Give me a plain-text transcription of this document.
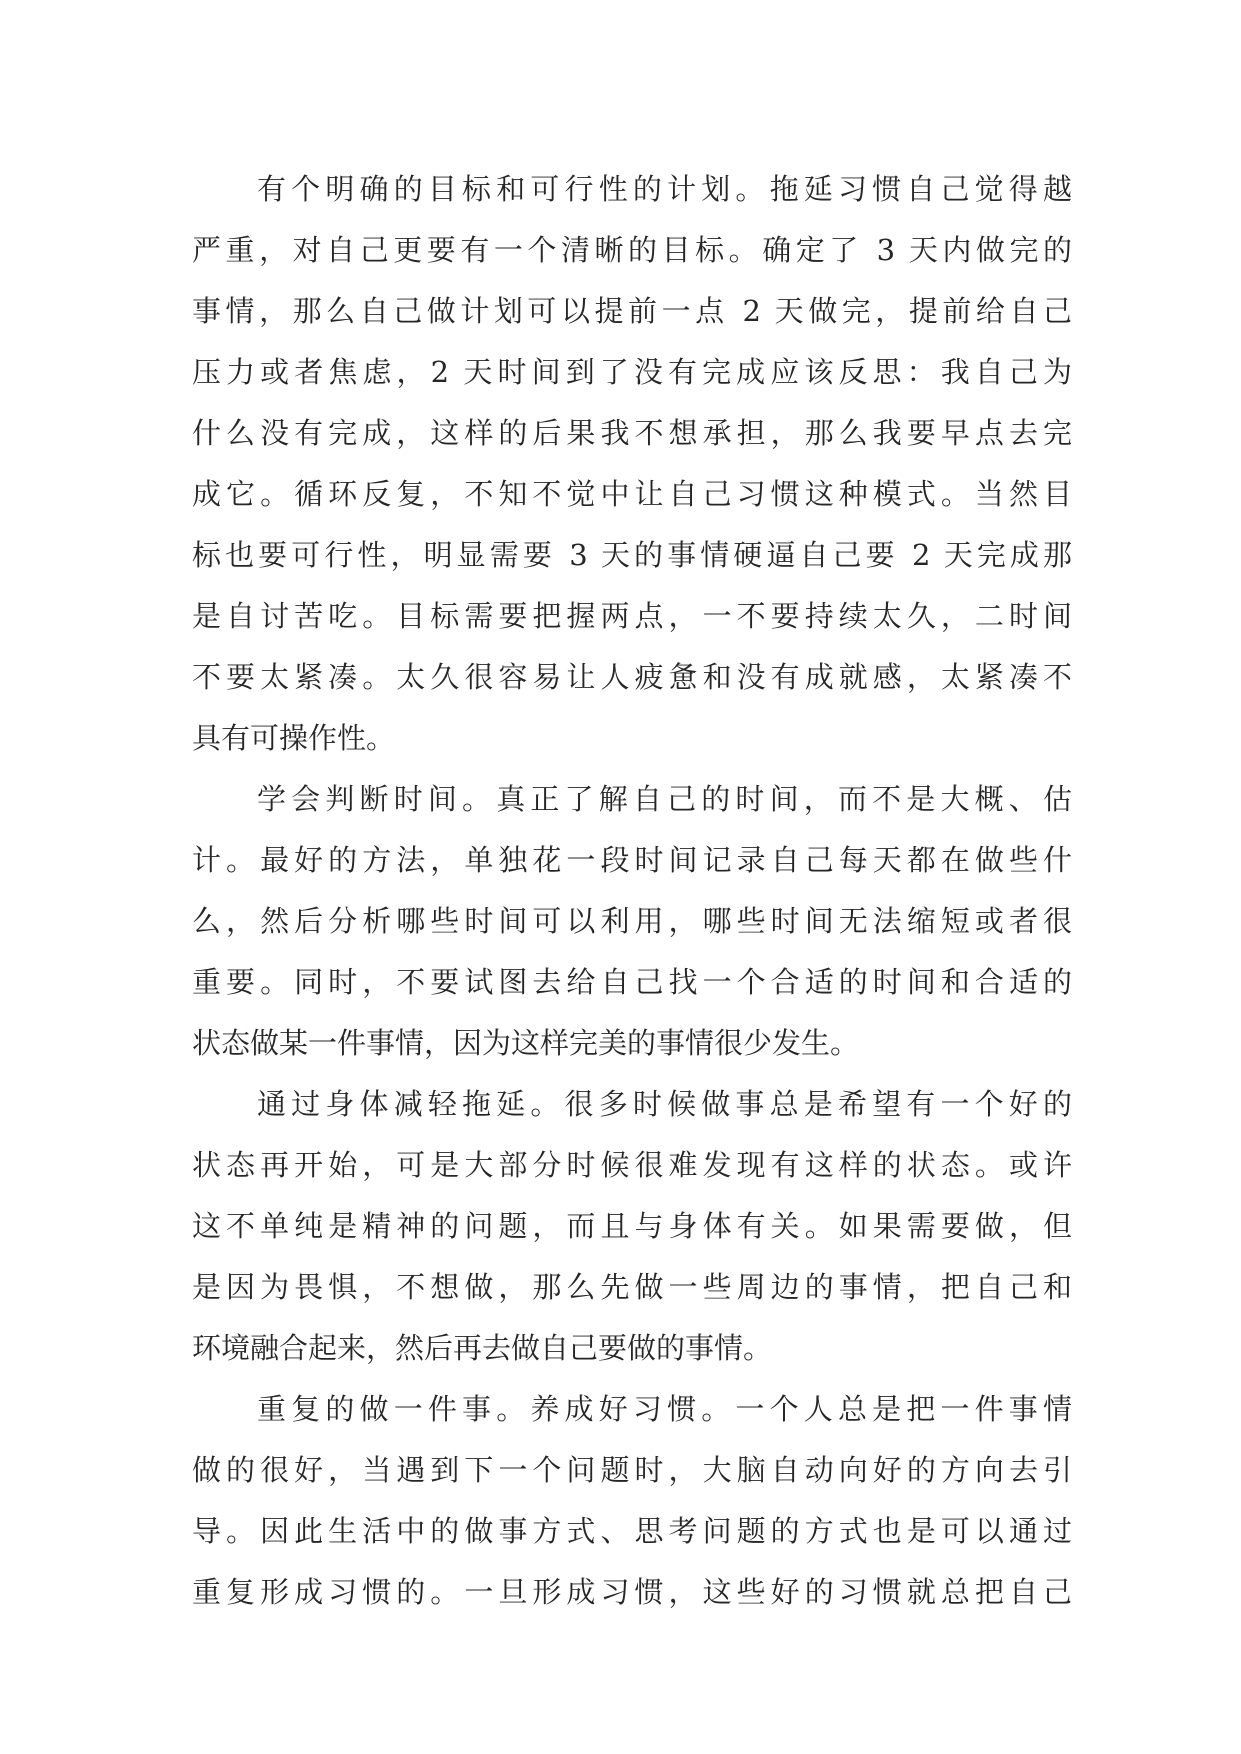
有个明确的目标和可行性的计划。拖延习惯自己觉得越
严重，对自己更要有一个清晰的目标。确定了 3 天内做完的
事情，那么自己做计划可以提前一点 2 天做完，提前给自己
压力或者焦虑，2 天时间到了没有完成应该反思：我自己为
什么没有完成，这样的后果我不想承担，那么我要早点去完
成它。循环反复，不知不觉中让自己习惯这种模式。当然目
标也要可行性，明显需要 3 天的事情硬逼自己要 2 天完成那
是自讨苦吃。目标需要把握两点，一不要持续太久，二时间
不要太紧凑。太久很容易让人疲惫和没有成就感，太紧凑不
具有可操作性。
学会判断时间。真正了解自己的时间，而不是大概、估
计。最好的方法，单独花一段时间记录自己每天都在做些什
么，然后分析哪些时间可以利用，哪些时间无法缩短或者很
重要。同时，不要试图去给自己找一个合适的时间和合适的
状态做某一件事情，因为这样完美的事情很少发生。
通过身体减轻拖延。很多时候做事总是希望有一个好的
状态再开始，可是大部分时候很难发现有这样的状态。或许
这不单纯是精神的问题，而且与身体有关。如果需要做，但
是因为畏惧，不想做，那么先做一些周边的事情，把自己和
环境融合起来，然后再去做自己要做的事情。
重复的做一件事。养成好习惯。一个人总是把一件事情
做的很好，当遇到下一个问题时，大脑自动向好的方向去引
导。因此生活中的做事方式、思考问题的方式也是可以通过
重复形成习惯的。一旦形成习惯，这些好的习惯就总把自己
